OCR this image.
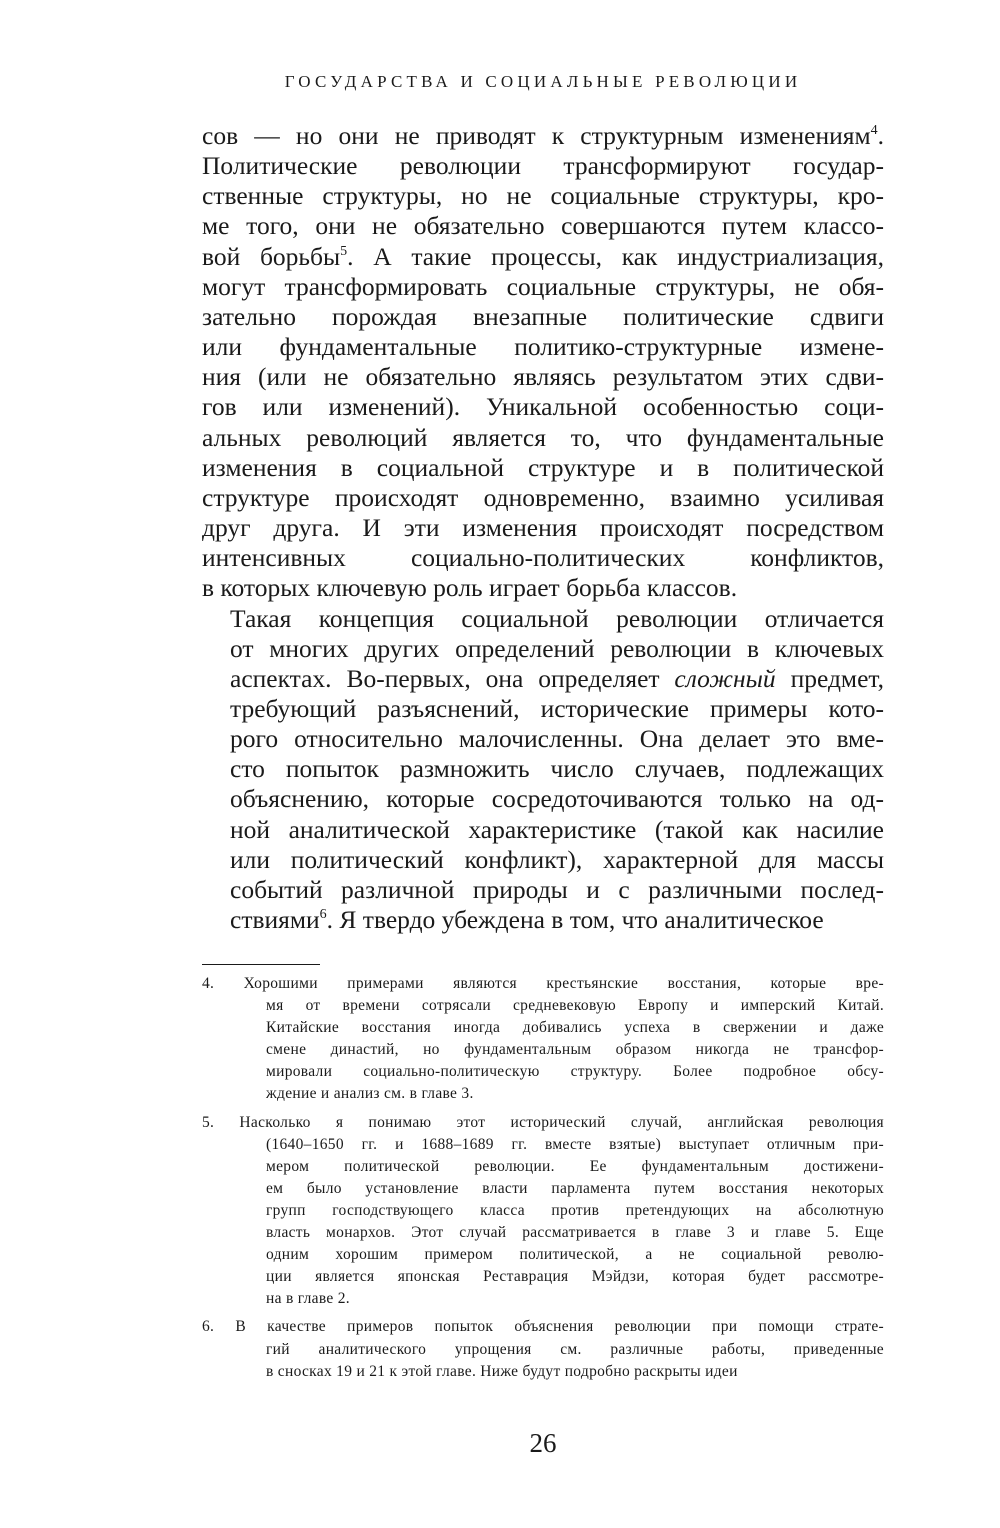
ГОСУДАРСТВА И СОЦИАЛЬНЫЕ РЕВОЛЮЦИИ

сов — но они не приводят к структурным изменениям$^4$.
Политические революции трансформируют государ-
ственные структуры, но не социальные структуры, кро-
ме того, они не обязательно совершаются путем классо-
вой борьбы$^5$. А такие процессы, как индустриализация,
могут трансформировать социальные структуры, не обя-
зательно порождая внезапные политические сдвиги
или фундаментальные политико-структурные измене-
ния (или не обязательно являясь результатом этих сдви-
гов или изменений). Уникальной особенностью соци-
альных революций является то, что фундаментальные
изменения в социальной структуре и в политической
структуре происходят одновременно, взаимно усиливая
друг друга. И эти изменения происходят посредством
интенсивных социально-политических конфликтов,
в которых ключевую роль играет борьба классов.

Такая концепция социальной революции отличается
от многих других определений революции в ключевых
аспектах. Во-первых, она определяет сложный предмет,
требующий разъяснений, исторические примеры кото-
рого относительно малочисленны. Она делает это вме-
сто попыток размножить число случаев, подлежащих
объяснению, которые сосредоточиваются только на од-
ной аналитической характеристике (такой как насилие
или политический конфликт), характерной для массы
событий различной природы и с различными послед-
ствиями$^6$. Я твердо убеждена в том, что аналитическое

4. Хорошими примерами являются крестьянские восстания, которые вре-
мя от времени сотрясали средневековую Европу и имперский Китай.
Китайские восстания иногда добивались успеха в свержении и даже
смене династий, но фундаментальным образом никогда не трансфор-
мировали социально-политическую структуру. Более подробное обсу-
ждение и анализ см. в главе 3.
5. Насколько я понимаю этот исторический случай, английская революция
(1640–1650 гг. и 1688–1689 гг. вместе взятые) выступает отличным при-
мером политической революции. Ее фундаментальным достижени-
ем было установление власти парламента путем восстания некоторых
групп господствующего класса против претендующих на абсолютную
власть монархов. Этот случай рассматривается в главе 3 и главе 5. Еще
одним хорошим примером политической, а не социальной револю-
ции является японская Реставрация Мэйдзи, которая будет рассмотре-
на в главе 2.
6. В качестве примеров попыток объяснения революции при помощи страте-
гий аналитического упрощения см. различные работы, приведенные
в сносках 19 и 21 к этой главе. Ниже будут подробно раскрыты идеи
26
